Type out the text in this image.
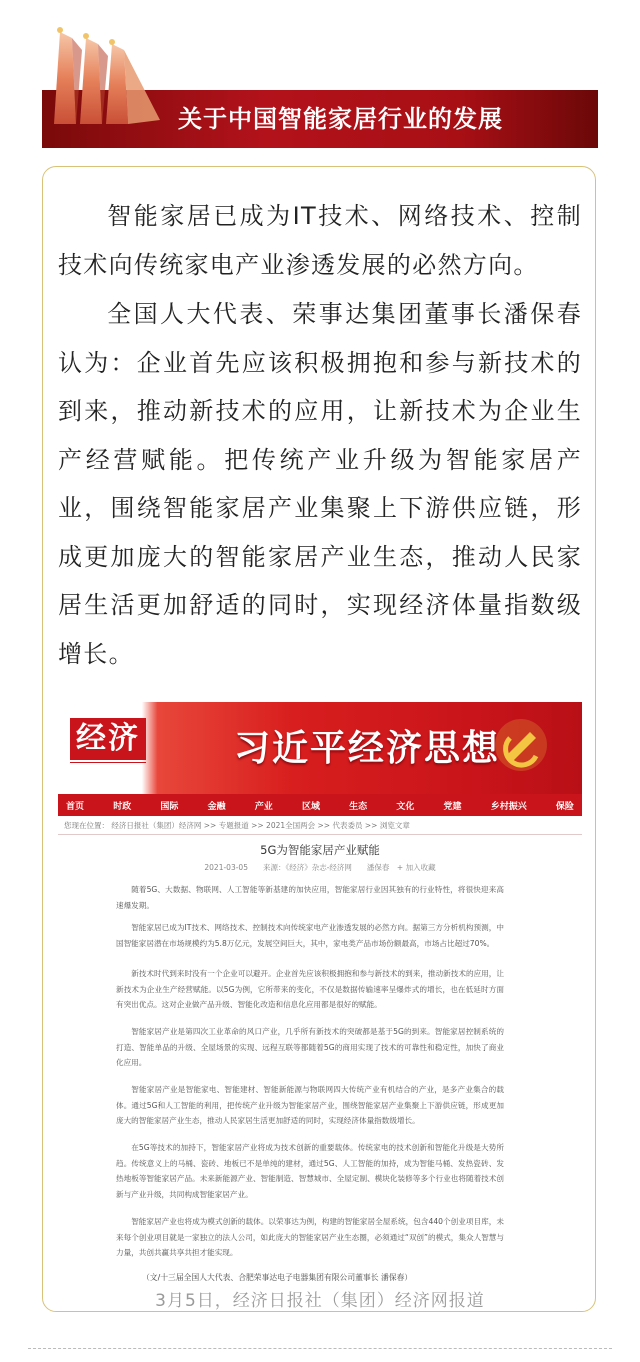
关于中国智能家居行业的发展

智能家居已成为IT技术、网络技术、控制技术向传统家电产业渗透发展的必然方向。

全国人大代表、荣事达集团董事长潘保春认为：企业首先应该积极拥抱和参与新技术的到来，推动新技术的应用，让新技术为企业生产经营赋能。把传统产业升级为智能家居产业，围绕智能家居产业集聚上下游供应链，形成更加庞大的智能家居产业生态，推动人民家居生活更加舒适的同时，实现经济体量指数级增长。

经济	习近平经济思想
首页	时政	国际	金融	产业	区域	生态	文化	党建	乡村振兴	保险
您现在位置： 经济日报社（集团）经济网 >> 专题报道 >> 2021全国两会 >> 代表委员 >> 浏览文章
5G为智能家居产业赋能
2021-03-05　　来源：《经济》杂志-经济网　　潘保春　+ 加入收藏

随着5G、大数据、物联网、人工智能等新基建的加快应用，智能家居行业因其独有的行业特性，将很快迎来高速爆发期。

智能家居已成为IT技术、网络技术、控制技术向传统家电产业渗透发展的必然方向。据第三方分析机构预测，中国智能家居潜在市场规模约为5.8万亿元，发展空间巨大，其中，家电类产品市场份额最高，市场占比超过70%。

新技术时代到来时没有一个企业可以避开。企业首先应该积极拥抱和参与新技术的到来，推动新技术的应用，让新技术为企业生产经营赋能。以5G为例，它所带来的变化，不仅是数据传输速率呈爆炸式的增长，也在低延时方面有突出优点。这对企业做产品升级、智能化改造和信息化应用都是很好的赋能。

智能家居产业是第四次工业革命的风口产业，几乎所有新技术的突破都是基于5G的到来。智能家居控制系统的打造、智能单品的升级、全屋场景的实现、远程互联等都随着5G的商用实现了技术的可靠性和稳定性，加快了商业化应用。

智能家居产业是智能家电、智能建材、智能新能源与物联网四大传统产业有机结合的产业，是多产业集合的载体。通过5G和人工智能的利用，把传统产业升级为智能家居产业，围绕智能家居产业集聚上下游供应链，形成更加庞大的智能家居产业生态，推动人民家居生活更加舒适的同时，实现经济体量指数级增长。

在5G等技术的加持下，智能家居产业将成为技术创新的重要载体。传统家电的技术创新和智能化升级是大势所趋。传统意义上的马桶、瓷砖、地板已不是单纯的建材，通过5G、人工智能的加持，成为智能马桶、发热瓷砖、发热地板等智能家居产品。未来新能源产业、智能制造、智慧城市、全屋定制、模块化装修等多个行业也将随着技术创新与产业升级，共同构成智能家居产业。

智能家居产业也将成为模式创新的载体。以荣事达为例，构建的智能家居全屋系统，包含440个创业项目库，未来每个创业项目就是一家独立的法人公司，如此庞大的智能家居产业生态圈，必须通过“双创”的模式，集众人智慧与力量，共创共赢共享共担才能实现。

（文/十三届全国人大代表、合肥荣事达电子电器集团有限公司董事长 潘保春）
3月5日，经济日报社（集团）经济网报道
